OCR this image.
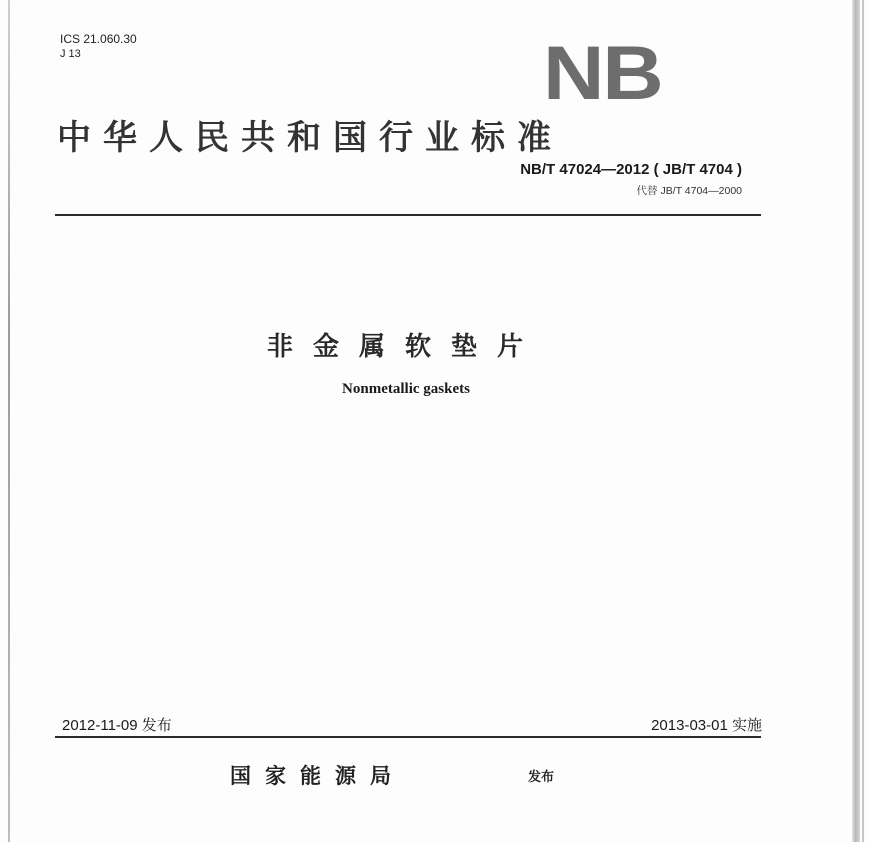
ICS 21.060.30
J 13	NB
中华人民共和国行业标准
NB/T 47024—2012 ( JB/T 4704 )
代替 JB/T 4704—2000
非金属软垫片
Nonmetallic gaskets
2012-11-09 发布	2013-03-01 实施
国家能源局	发布
